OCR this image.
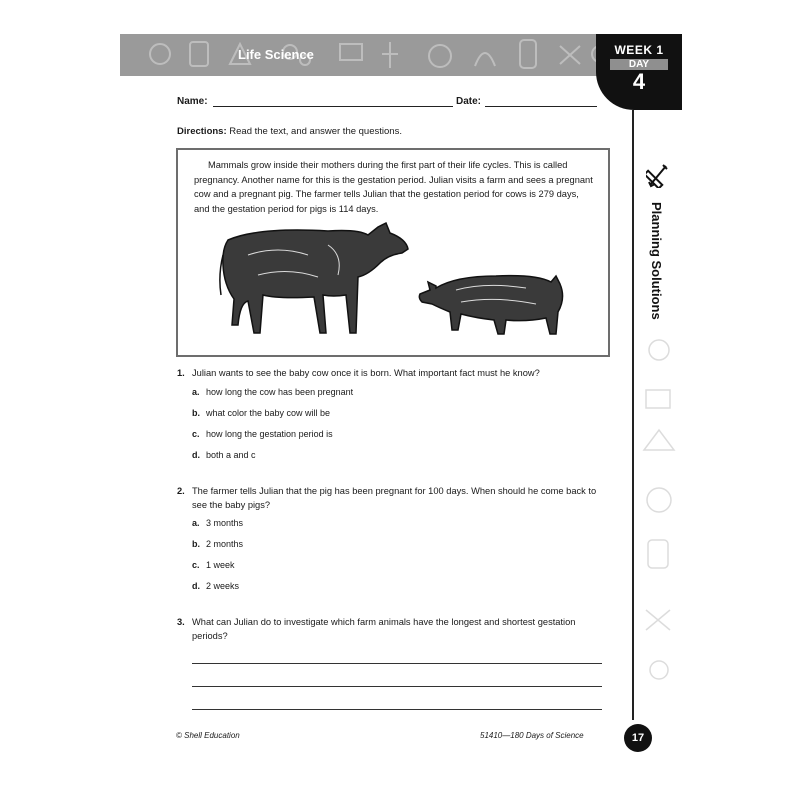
Life Science	WEEK 1
DAY
4
Planning Solutions
Name:	Date:
Directions: Read the text, and answer the questions.
Mammals grow inside their mothers during the first part of their life cycles. This is called pregnancy. Another name for this is the gestation period. Julian visits a farm and sees a pregnant cow and a pregnant pig. The farmer tells Julian that the gestation period for cows is 279 days, and the gestation period for pigs is 114 days.
1. Julian wants to see the baby cow once it is born. What important fact must he know?
a. how long the cow has been pregnant
b. what color the baby cow will be
c. how long the gestation period is
d. both a and c
2. The farmer tells Julian that the pig has been pregnant for 100 days. When should he come back to see the baby pigs?
a. 3 months
b. 2 months
c. 1 week
d. 2 weeks
3. What can Julian do to investigate which farm animals have the longest and shortest gestation periods?
© Shell Education	51410—180 Days of Science	17
